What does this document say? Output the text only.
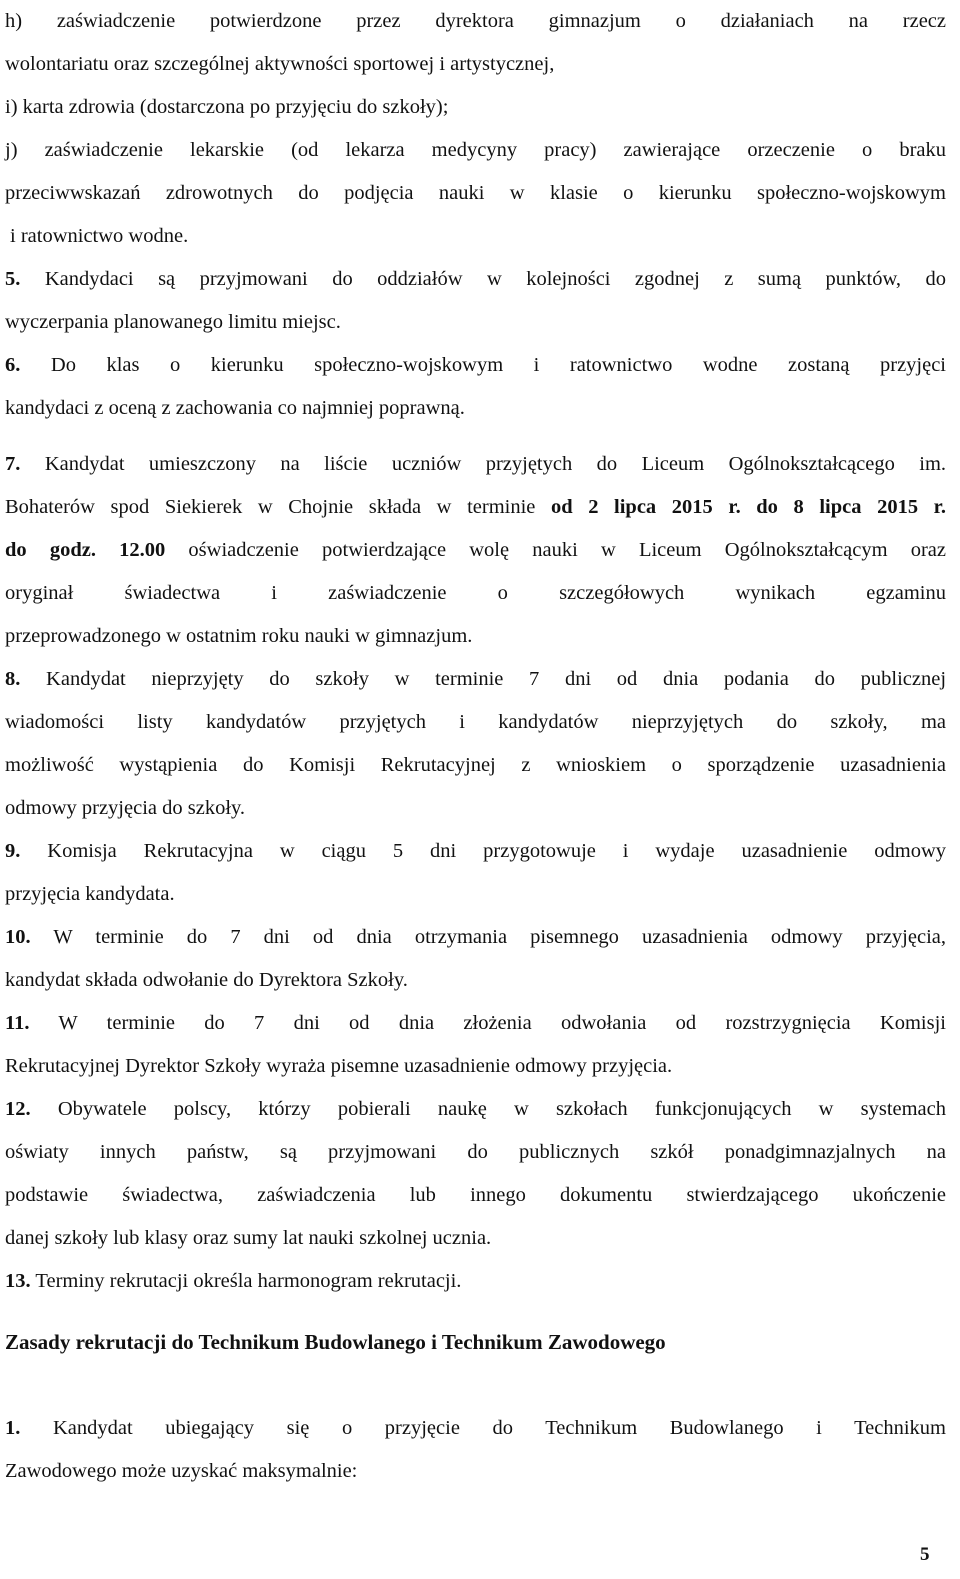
h) zaświadczenie potwierdzone przez dyrektora gimnazjum o działaniach na rzecz

wolontariatu oraz szczególnej aktywności sportowej i artystycznej,

i) karta zdrowia (dostarczona po przyjęciu do szkoły);

j) zaświadczenie lekarskie (od lekarza medycyny pracy) zawierające orzeczenie o braku

przeciwwskazań zdrowotnych do podjęcia nauki w klasie o kierunku społeczno-wojskowym

i ratownictwo wodne.

5. Kandydaci są przyjmowani do oddziałów w kolejności zgodnej z sumą punktów, do

wyczerpania planowanego limitu miejsc.

6. Do klas o kierunku społeczno-wojskowym i ratownictwo wodne zostaną przyjęci

kandydaci z oceną z zachowania co najmniej poprawną.

7. Kandydat umieszczony na liście uczniów przyjętych do Liceum Ogólnokształcącego im.

Bohaterów spod Siekierek w Chojnie składa w terminie od 2 lipca 2015 r. do 8 lipca 2015 r.

do godz. 12.00 oświadczenie potwierdzające wolę nauki w Liceum Ogólnokształcącym oraz

oryginał świadectwa i zaświadczenie o szczegółowych wynikach egzaminu

przeprowadzonego w ostatnim roku nauki w gimnazjum.

8. Kandydat nieprzyjęty do szkoły w terminie 7 dni od dnia podania do publicznej

wiadomości listy kandydatów przyjętych i kandydatów nieprzyjętych do szkoły, ma

możliwość wystąpienia do Komisji Rekrutacyjnej z wnioskiem o sporządzenie uzasadnienia

odmowy przyjęcia do szkoły.

9. Komisja Rekrutacyjna w ciągu 5 dni przygotowuje i wydaje uzasadnienie odmowy

przyjęcia kandydata.

10. W terminie do 7 dni od dnia otrzymania pisemnego uzasadnienia odmowy przyjęcia,

kandydat składa odwołanie do Dyrektora Szkoły.

11. W terminie do 7 dni od dnia złożenia odwołania od rozstrzygnięcia Komisji

Rekrutacyjnej Dyrektor Szkoły wyraża pisemne uzasadnienie odmowy przyjęcia.

12. Obywatele polscy, którzy pobierali naukę w szkołach funkcjonujących w systemach

oświaty innych państw, są przyjmowani do publicznych szkół ponadgimnazjalnych na

podstawie świadectwa, zaświadczenia lub innego dokumentu stwierdzającego ukończenie

danej szkoły lub klasy oraz sumy lat nauki szkolnej ucznia.

13. Terminy rekrutacji określa harmonogram rekrutacji.

Zasady rekrutacji do Technikum Budowlanego i Technikum Zawodowego

1. Kandydat ubiegający się o przyjęcie do Technikum Budowlanego i Technikum

Zawodowego może uzyskać maksymalnie:

5
